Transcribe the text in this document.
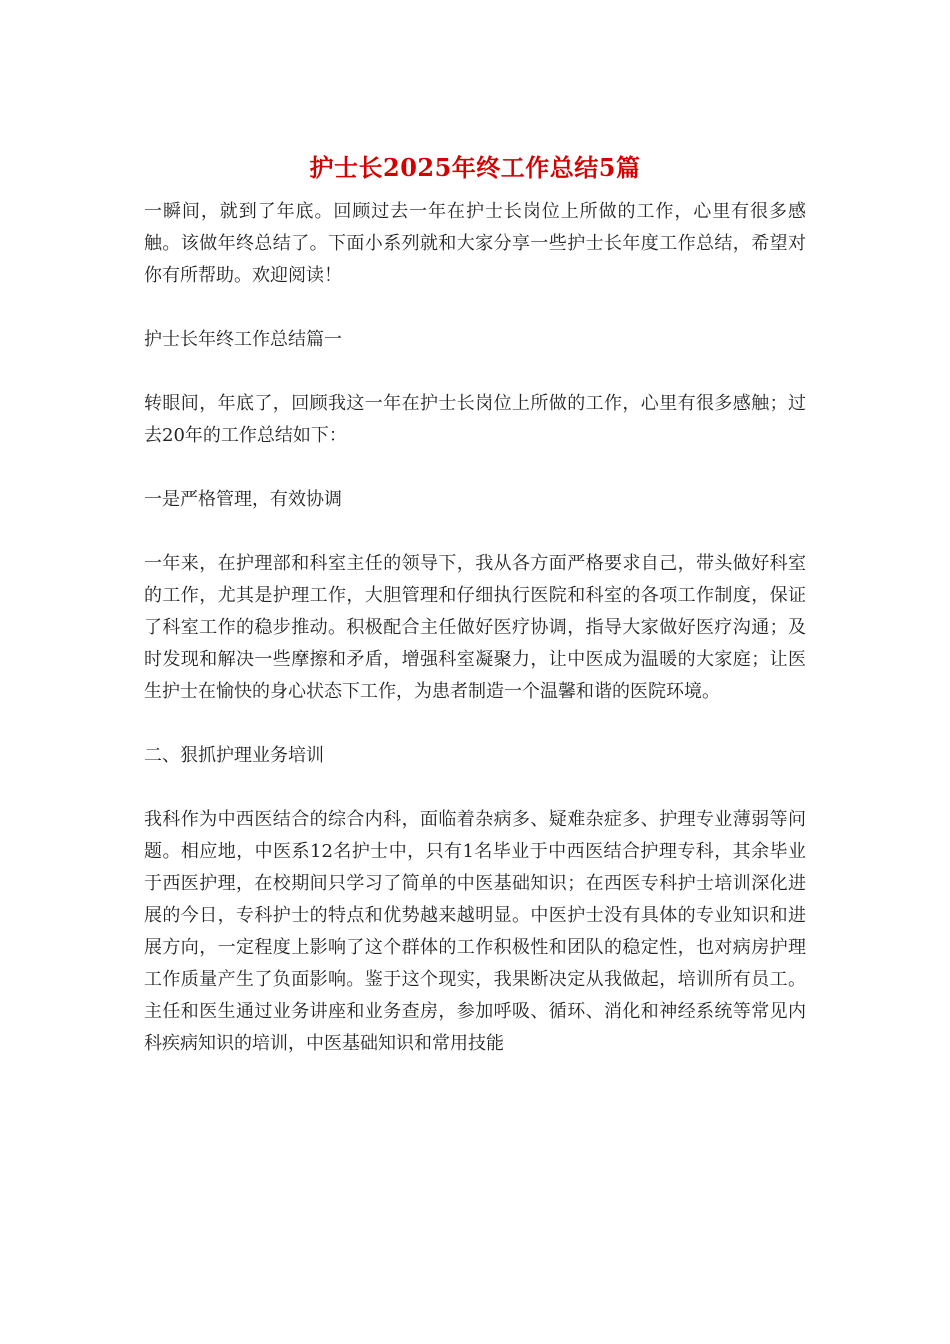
护士长2025年终工作总结5篇

一瞬间，就到了年底。回顾过去一年在护士长岗位上所做的工作，心里有很多感触。该做年终总结了。下面小系列就和大家分享一些护士长年度工作总结，希望对你有所帮助。欢迎阅读！

护士长年终工作总结篇一

转眼间，年底了，回顾我这一年在护士长岗位上所做的工作，心里有很多感触；过去20年的工作总结如下：

一是严格管理，有效协调

一年来，在护理部和科室主任的领导下，我从各方面严格要求自己，带头做好科室的工作，尤其是护理工作，大胆管理和仔细执行医院和科室的各项工作制度，保证了科室工作的稳步推动。积极配合主任做好医疗协调，指导大家做好医疗沟通；及时发现和解决一些摩擦和矛盾，增强科室凝聚力，让中医成为温暖的大家庭；让医生护士在愉快的身心状态下工作，为患者制造一个温馨和谐的医院环境。

二、狠抓护理业务培训

我科作为中西医结合的综合内科，面临着杂病多、疑难杂症多、护理专业薄弱等问题。相应地，中医系12名护士中，只有1名毕业于中西医结合护理专科，其余毕业于西医护理，在校期间只学习了简单的中医基础知识；在西医专科护士培训深化进展的今日，专科护士的特点和优势越来越明显。中医护士没有具体的专业知识和进展方向，一定程度上影响了这个群体的工作积极性和团队的稳定性，也对病房护理工作质量产生了负面影响。鉴于这个现实，我果断决定从我做起，培训所有员工。主任和医生通过业务讲座和业务查房，参加呼吸、循环、消化和神经系统等常见内科疾病知识的培训，中医基础知识和常用技能
